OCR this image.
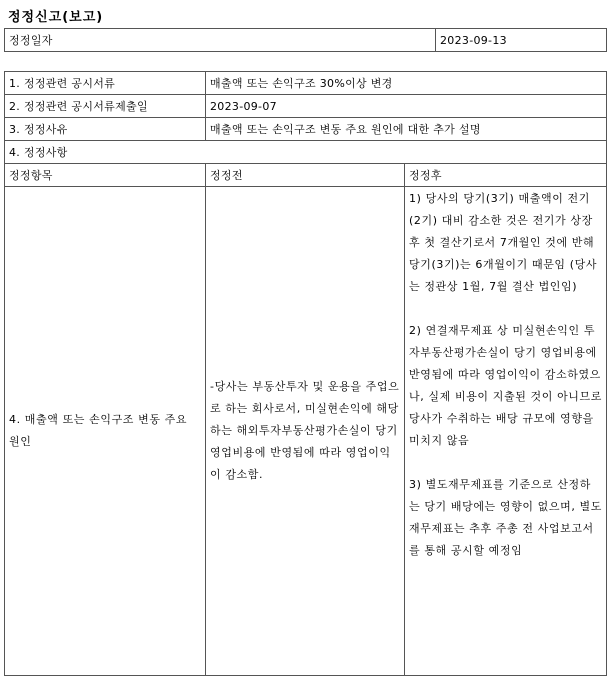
정정신고(보고)
정정일자	2023-09-13
1. 정정관련 공시서류	매출액 또는 손익구조 30%이상 변경	
2. 정정관련 공시서류제출일	2023-09-07	
3. 정정사유	매출액 또는 손익구조 변동 주요 원인에 대한 추가 설명	
4. 정정사항		
정정항목	정정전	정정후
4. 매출액 또는 손익구조 변동 주요 원인	-당사는 부동산투자 및 운용을 주업으로 하는 회사로서, 미실현손익에 해당하는 해외투자부동산평가손실이 당기 영업비용에 반영됨에 따라 영업이익이 감소함.	1) 당사의 당기(3기) 매출액이 전기(2기) 대비 감소한 것은 전기가 상장 후 첫 결산기로서 7개월인 것에 반해 당기(3기)는 6개월이기 때문임 (당사는 정관상 1월, 7월 결산 법인임)

2) 연결재무제표 상 미실현손익인 투자부동산평가손실이 당기 영업비용에 반영됨에 따라 영업이익이 감소하였으나, 실제 비용이 지출된 것이 아니므로 당사가 수취하는 배당 규모에 영향을 미치지 않음

3) 별도재무제표를 기준으로 산정하는 당기 배당에는 영향이 없으며, 별도재무제표는 추후 주총 전 사업보고서를 통해 공시할 예정임
